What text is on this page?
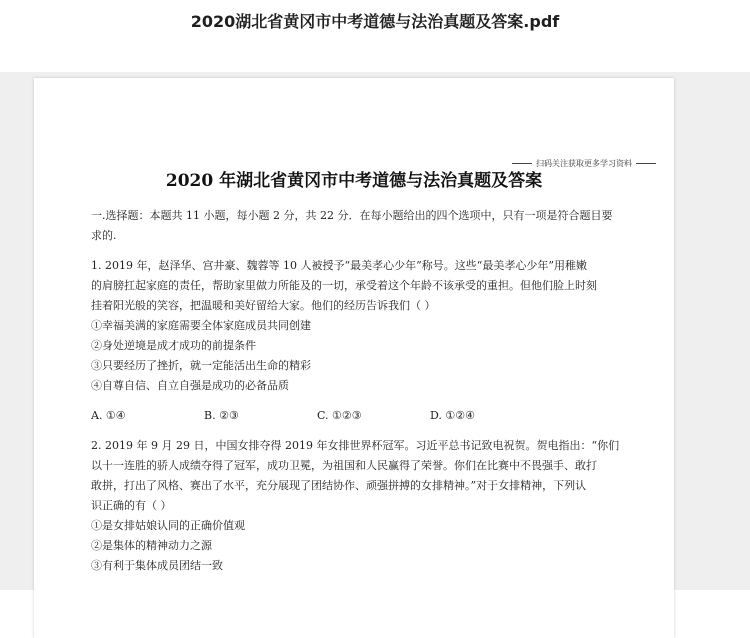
2020湖北省黄冈市中考道德与法治真题及答案.pdf
扫码关注获取更多学习资料
2020 年湖北省黄冈市中考道德与法治真题及答案

一.选择题：本题共 11 小题，每小题 2 分，共 22 分．在每小题给出的四个选项中，只有一项是符合题目要

求的.

1. 2019 年，赵泽华、宫井豪、魏蓉等 10 人被授予“最美孝心少年”称号。这些“最美孝心少年”用稚嫩

的肩膀扛起家庭的责任，帮助家里做力所能及的一切，承受着这个年龄不该承受的重担。但他们脸上时刻

挂着阳光般的笑容，把温暖和美好留给大家。他们的经历告诉我们（ ）

①幸福美满的家庭需要全体家庭成员共同创建

②身处逆境是成才成功的前提条件

③只要经历了挫折，就一定能活出生命的精彩

④自尊自信、自立自强是成功的必备品质

A. ①④	B. ②③	C. ①②③	D. ①②④

2. 2019 年 9 月 29 日，中国女排夺得 2019 年女排世界杯冠军。习近平总书记致电祝贺。贺电指出：“你们

以十一连胜的骄人成绩夺得了冠军，成功卫冕，为祖国和人民赢得了荣誉。你们在比赛中不畏强手、敢打

敢拼，打出了风格、赛出了水平，充分展现了团结协作、顽强拼搏的女排精神。”对于女排精神，下列认

识正确的有（ ）

①是女排姑娘认同的正确价值观

②是集体的精神动力之源

③有利于集体成员团结一致
